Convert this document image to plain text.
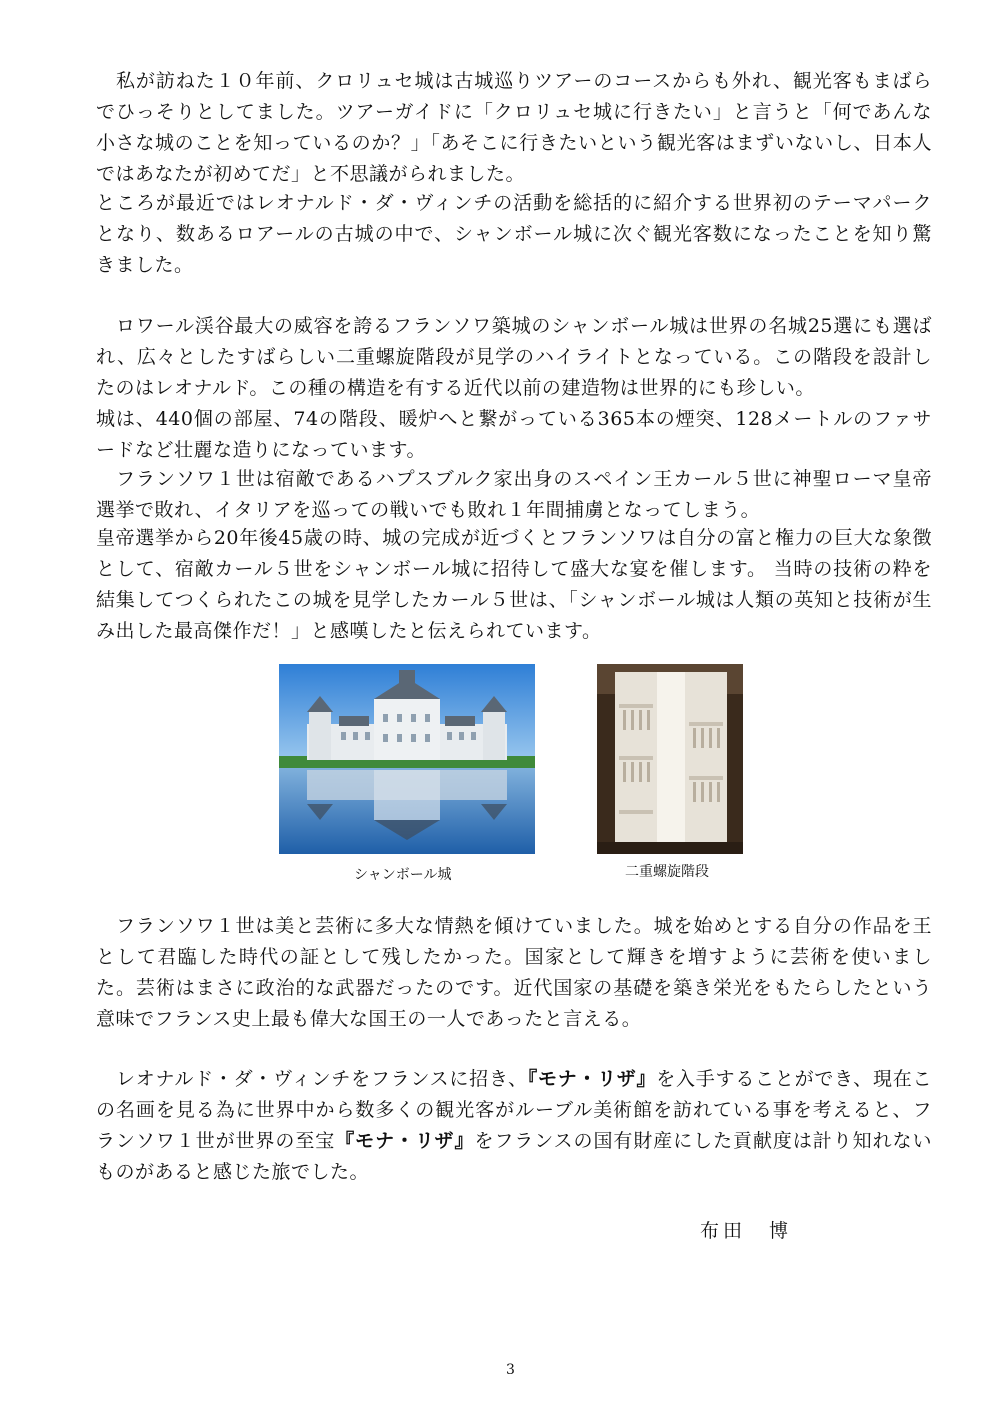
私が訪ねた１０年前、クロリュセ城は古城巡りツアーのコースからも外れ、観光客もまばらでひっそりとしてました。ツアーガイドに「クロリュセ城に行きたい」と言うと「何であんな小さな城のことを知っているのか？」「あそこに行きたいという観光客はまずいないし、日本人ではあなたが初めてだ」と不思議がられました。

ところが最近ではレオナルド・ダ・ヴィンチの活動を総括的に紹介する世界初のテーマパークとなり、数あるロアールの古城の中で、シャンボール城に次ぐ観光客数になったことを知り驚きました。

ロワール渓谷最大の威容を誇るフランソワ築城のシャンボール城は世界の名城25選にも選ばれ、広々としたすばらしい二重螺旋階段が見学のハイライトとなっている。この階段を設計したのはレオナルド。この種の構造を有する近代以前の建造物は世界的にも珍しい。

城は、440個の部屋、74の階段、暖炉へと繋がっている365本の煙突、128メートルのファサードなど壮麗な造りになっています。

フランソワ１世は宿敵であるハプスブルク家出身のスペイン王カール５世に神聖ローマ皇帝選挙で敗れ、イタリアを巡っての戦いでも敗れ１年間捕虜となってしまう。

皇帝選挙から20年後45歳の時、城の完成が近づくとフランソワは自分の富と権力の巨大な象徴として、宿敵カール５世をシャンボール城に招待して盛大な宴を催します。 当時の技術の粋を結集してつくられたこの城を見学したカール５世は、「シャンボール城は人類の英知と技術が生み出した最高傑作だ！」と感嘆したと伝えられています。

シャンボール城	二重螺旋階段

フランソワ１世は美と芸術に多大な情熱を傾けていました。城を始めとする自分の作品を王として君臨した時代の証として残したかった。国家として輝きを増すように芸術を使いました。芸術はまさに政治的な武器だったのです。近代国家の基礎を築き栄光をもたらしたという意味でフランス史上最も偉大な国王の一人であったと言える。

レオナルド・ダ・ヴィンチをフランスに招き、『モナ・リザ』を入手することができ、現在この名画を見る為に世界中から数多くの観光客がルーブル美術館を訪れている事を考えると、フランソワ１世が世界の至宝『モナ・リザ』をフランスの国有財産にした貢献度は計り知れないものがあると感じた旅でした。

布田　博
3
